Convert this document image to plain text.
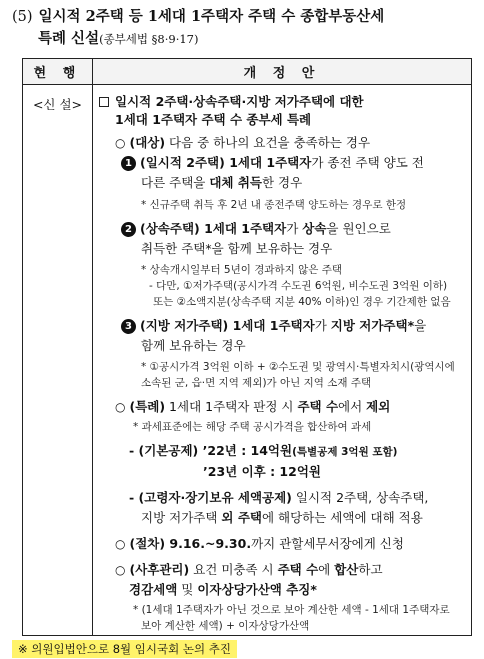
(5) 일시적 2주택 등 1세대 1주택자 주택 수 종합부동산세
특례 신설(종부세법 §8·9·17)
현 행	개 정 안
<신 설>	일시적 2주택·상속주택·지방 저가주택에 대한
1세대 1주택자 주택 수 종부세 특례
○ (대상) 다음 중 하나의 요건을 충족하는 경우
1 (일시적 2주택) 1세대 1주택자가 종전 주택 양도 전
다른 주택을 대체 취득한 경우
* 신규주택 취득 후 2년 내 종전주택 양도하는 경우로 한정
2 (상속주택) 1세대 1주택자가 상속을 원인으로
취득한 주택*을 함께 보유하는 경우
* 상속개시일부터 5년이 경과하지 않은 주택
- 다만, ①저가주택(공시가격 수도권 6억원, 비수도권 3억원 이하)
또는 ②소액지분(상속주택 지분 40% 이하)인 경우 기간제한 없음
3 (지방 저가주택) 1세대 1주택자가 지방 저가주택*을
함께 보유하는 경우
* ①공시가격 3억원 이하 + ②수도권 및 광역시·특별자치시(광역시에
소속된 군, 읍·면 지역 제외)가 아닌 지역 소재 주택
○ (특례) 1세대 1주택자 판정 시 주택 수에서 제외
* 과세표준에는 해당 주택 공시가격을 합산하여 과세
- (기본공제) ’22년 : 14억원(특별공제 3억원 포함)
’23년 이후 : 12억원
- (고령자·장기보유 세액공제) 일시적 2주택, 상속주택,
지방 저가주택 외 주택에 해당하는 세액에 대해 적용
○ (절차) 9.16.~9.30.까지 관할세무서장에게 신청
○ (사후관리) 요건 미충족 시 주택 수에 합산하고
경감세액 및 이자상당가산액 추징*
* (1세대 1주택자가 아닌 것으로 보아 계산한 세액 - 1세대 1주택자로
보아 계산한 세액) + 이자상당가산액
※ 의원입법안으로 8월 임시국회 논의 추진
